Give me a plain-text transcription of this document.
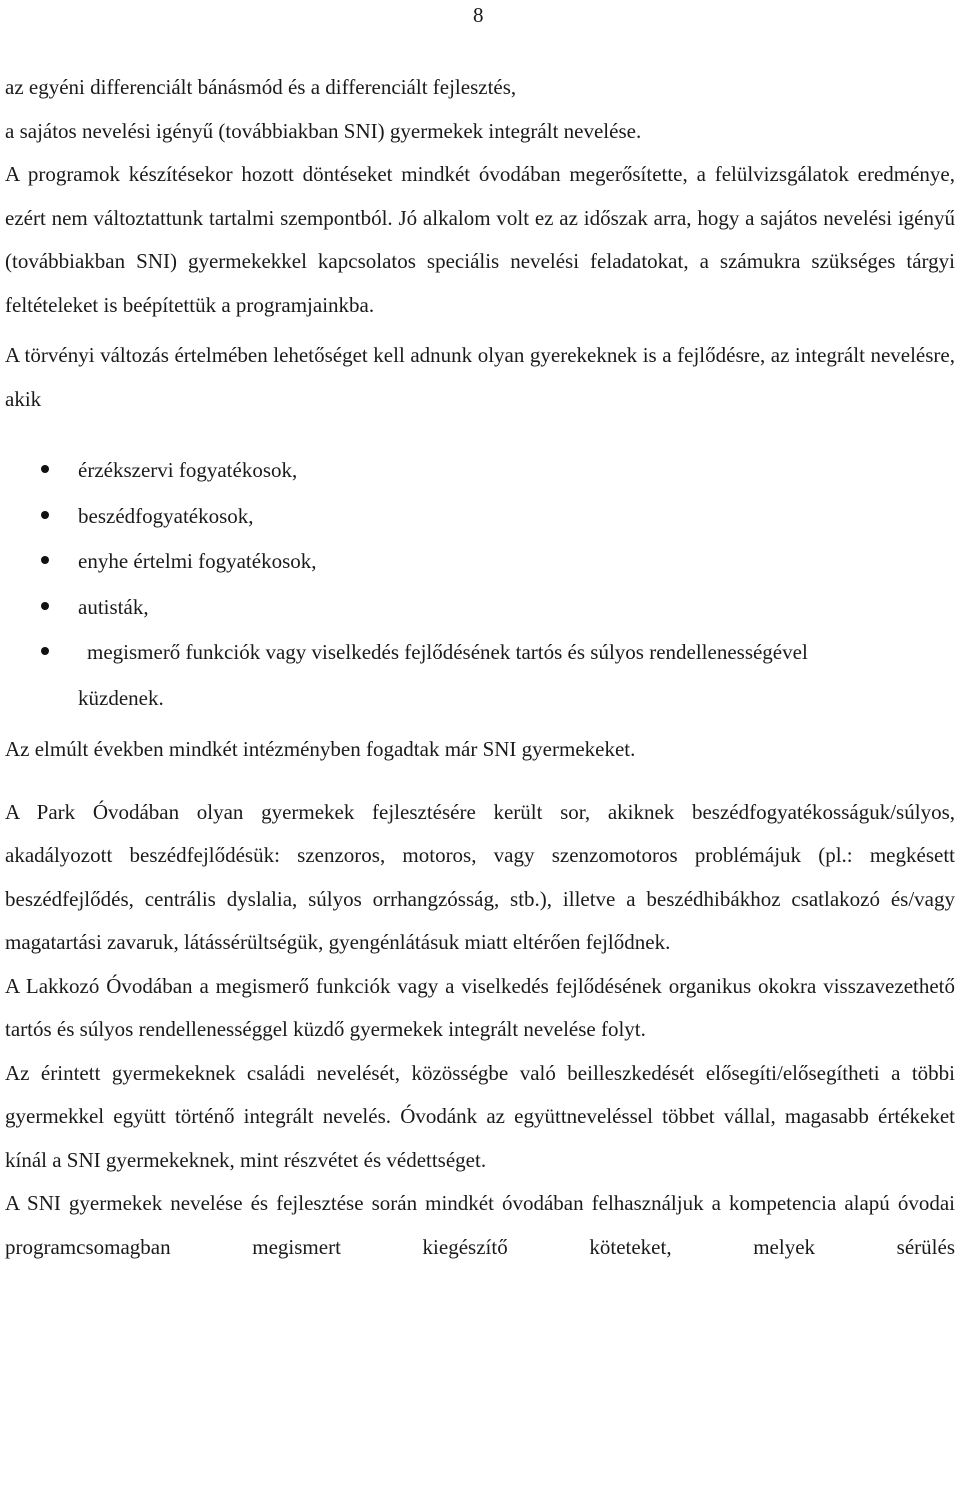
8

az egyéni differenciált bánásmód és a differenciált fejlesztés,

a sajátos nevelési igényű (továbbiakban SNI) gyermekek integrált nevelése.

A programok készítésekor hozott döntéseket mindkét óvodában megerősítette, a felülvizsgálatok eredménye, ezért nem változtattunk tartalmi szempontból. Jó alkalom volt ez az időszak arra, hogy a sajátos nevelési igényű (továbbiakban SNI) gyermekekkel kapcsolatos speciális nevelési feladatokat, a számukra szükséges tárgyi feltételeket is beépítettük a programjainkba.

A törvényi változás értelmében lehetőséget kell adnunk olyan gyerekeknek is a fejlődésre, az integrált nevelésre, akik

érzékszervi fogyatékosok,
beszédfogyatékosok,
enyhe értelmi fogyatékosok,
autisták,
megismerő funkciók vagy viselkedés fejlődésének tartós és súlyos rendellenességével
küzdenek.

Az elmúlt években mindkét intézményben fogadtak már SNI gyermekeket.

A Park Óvodában olyan gyermekek fejlesztésére került sor, akiknek beszédfogyatékosságuk/súlyos, akadályozott beszédfejlődésük: szenzoros, motoros, vagy szenzomotoros problémájuk (pl.: megkésett beszédfejlődés, centrális dyslalia, súlyos orrhangzósság, stb.), illetve a beszédhibákhoz csatlakozó és/vagy magatartási zavaruk, látássérültségük, gyengénlátásuk miatt eltérően fejlődnek.

A Lakkozó Óvodában a megismerő funkciók vagy a viselkedés fejlődésének organikus okokra visszavezethető tartós és súlyos rendellenességgel küzdő gyermekek integrált nevelése folyt.

Az érintett gyermekeknek családi nevelését, közösségbe való beilleszkedését elősegíti/elősegítheti a többi gyermekkel együtt történő integrált nevelés. Óvodánk az együttneveléssel többet vállal, magasabb értékeket kínál a SNI gyermekeknek, mint részvétet és védettséget.

A SNI gyermekek nevelése és fejlesztése során mindkét óvodában felhasználjuk a kompetencia alapú óvodai programcsomagban megismert kiegészítő köteteket, melyek sérülés
